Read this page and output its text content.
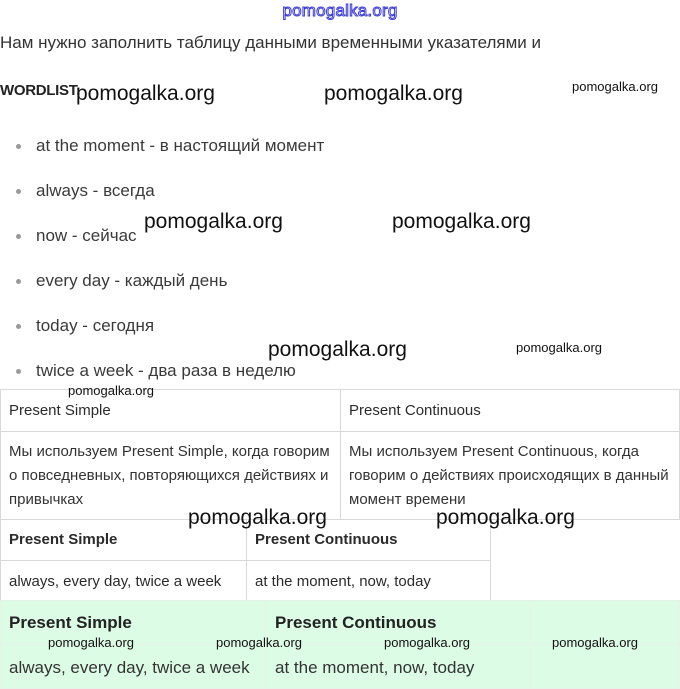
pomogalka.org
Нам нужно заполнить таблицу данными временными указателями и
WORDLIST:
at the moment - в настоящий момент
always - всегда
now - сейчас
every day - каждый день
today - сегодня
twice a week - два раза в неделю
Present Simple	Present Continuous

Мы используем Present Simple, когда говорим о повседневных, повторяющихся действиях и привычках	Мы используем Present Continuous, когда говорим о действиях происходящих в данный момент времени
Present Simple	Present Continuous

always, every day, twice a week	at the moment, now, today
Present Simple	Present Continuous	

always, every day, twice a week	at the moment, now, today	

pomogalka.org	pomogalka.org	pomogalka.org
pomogalka.org	pomogalka.org
pomogalka.org	pomogalka.org
pomogalka.org
pomogalka.org	pomogalka.org
pomogalka.org	pomogalka.org	pomogalka.org	pomogalka.org
